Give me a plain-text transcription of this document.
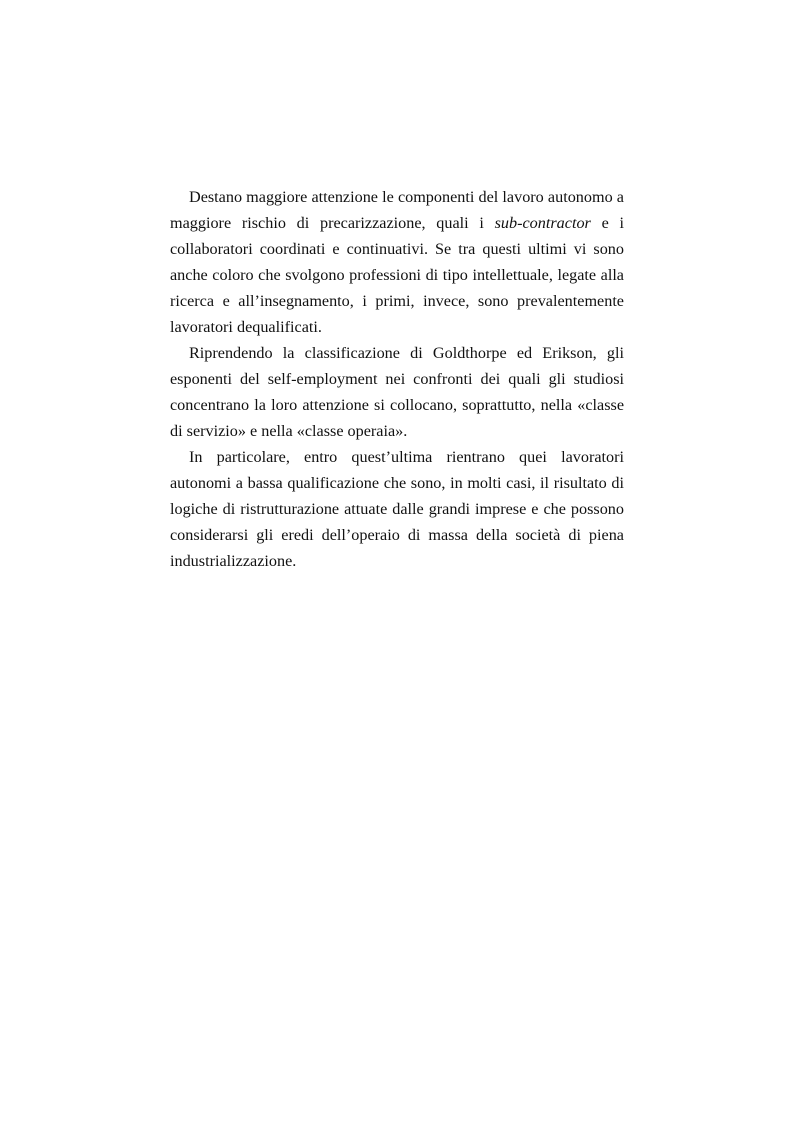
Destano maggiore attenzione le componenti del lavoro autonomo a maggiore rischio di precarizzazione, quali i sub-contractor e i collaboratori coordinati e continuativi. Se tra questi ultimi vi sono anche coloro che svolgono professioni di tipo intellettuale, legate alla ricerca e all’insegnamento, i primi, invece, sono prevalentemente lavoratori dequalificati.

Riprendendo la classificazione di Goldthorpe ed Erikson, gli esponenti del self-employment nei confronti dei quali gli studiosi concentrano la loro attenzione si collocano, soprattutto, nella «classe di servizio» e nella «classe operaia».

In particolare, entro quest’ultima rientrano quei lavoratori autonomi a bassa qualificazione che sono, in molti casi, il risultato di logiche di ristrutturazione attuate dalle grandi imprese e che possono considerarsi gli eredi dell’operaio di massa della società di piena industrializzazione.
